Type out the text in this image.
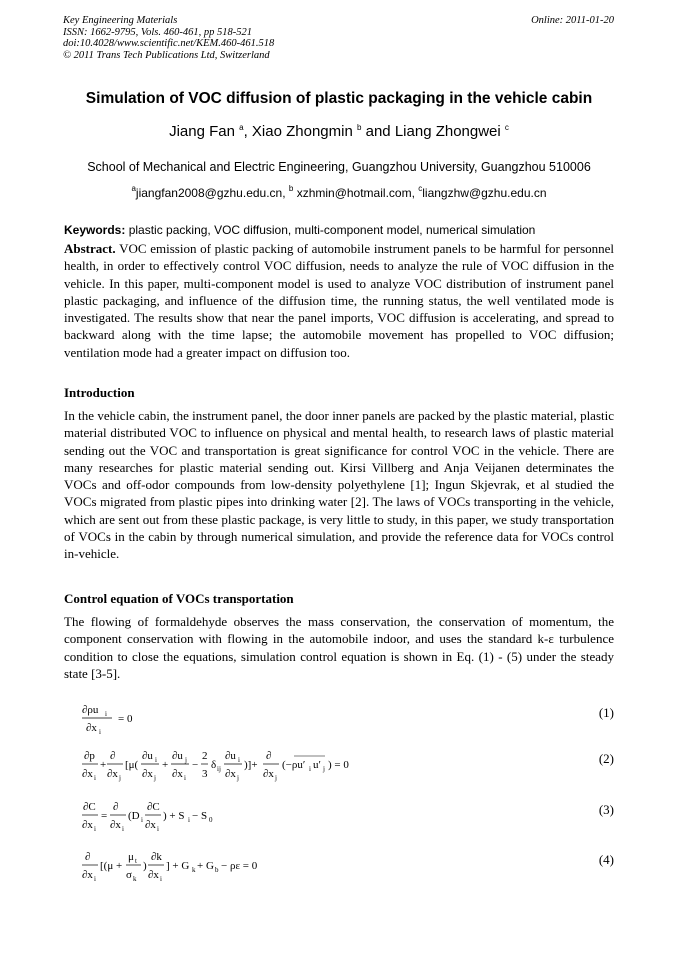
Key Engineering Materials
ISSN: 1662-9795, Vols. 460-461, pp 518-521
doi:10.4028/www.scientific.net/KEM.460-461.518
© 2011 Trans Tech Publications Ltd, Switzerland
Online: 2011-01-20
Simulation of VOC diffusion of plastic packaging in the vehicle cabin
Jiang Fan $^a$, Xiao Zhongmin $^b$ and Liang Zhongwei $^c$
School of Mechanical and Electric Engineering, Guangzhou University, Guangzhou 510006
$^a$jiangfan2008@gzhu.edu.cn, $^b$ xzhmin@hotmail.com, $^c$liangzhw@gzhu.edu.cn
Keywords: plastic packing, VOC diffusion, multi-component model, numerical simulation

Abstract. VOC emission of plastic packing of automobile instrument panels to be harmful for personnel health, in order to effectively control VOC diffusion, needs to analyze the rule of VOC diffusion in the vehicle. In this paper, multi-component model is used to analyze VOC distribution of instrument panel plastic packaging, and influence of the diffusion time, the running status, the well ventilated mode is investigated. The results show that near the panel imports, VOC diffusion is accelerating, and spread to backward along with the time lapse; the automobile movement has propelled to VOC diffusion; ventilation mode had a greater impact on diffusion too.

Introduction

In the vehicle cabin, the instrument panel, the door inner panels are packed by the plastic material, plastic material distributed VOC to influence on physical and mental health, to research laws of plastic material sending out the VOC and transportation is great significance for control VOC in the vehicle. There are many researches for plastic material sending out. Kirsi Villberg and Anja Veijanen determinates the VOCs and off-odor compounds from low-density polyethylene [1]; Ingun Skjevrak, et al studied the VOCs migrated from plastic pipes into drinking water [2]. The laws of VOCs transporting in the vehicle, which are sent out from these plastic package, is very little to study, in this paper, we study transportation of VOCs in the cabin by through numerical simulation, and provide the reference data for VOCs control in-vehicle.

Control equation of VOCs transportation

The flowing of formaldehyde observes the mass conservation, the conservation of momentum, the component conservation with flowing in the automobile indoor, and uses the standard k-ε turbulence condition to close the equations, simulation control equation is shown in Eq. (1) - (5) under the steady state [3-5].

∂ρu i
∂x i
= 0	(1)
∂p
∂x i
+
∂
∂x j
[μ(
∂u i
∂x j
+
∂u j
∂x i
−
2
3
δ ij
∂u i
∂x j
)]+
∂
∂x j
(−ρu′ i u′ j ) = 0	(2)
∂C
∂x i
=
∂
∂x i
(D i
∂C
∂x i
) + S i − S 0
(3)
∂
∂x i
[(μ +
μ t
σ k
)
∂k
∂x i
] + G k + G b − ρε = 0	(4)
